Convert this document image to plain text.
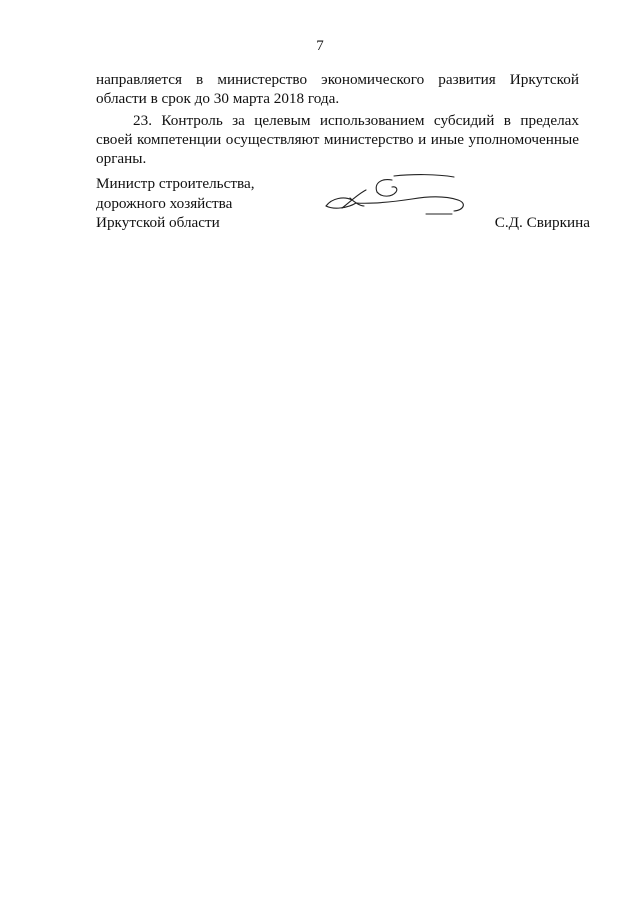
7

направляется в министерство экономического развития Иркутской области в срок до 30 марта 2018 года.

23. Контроль за целевым использованием субсидий в пределах своей компетенции осуществляют министерство и иные уполномоченные органы.

Министр строительства,
дорожного хозяйства
Иркутской области	С.Д. Свиркина
